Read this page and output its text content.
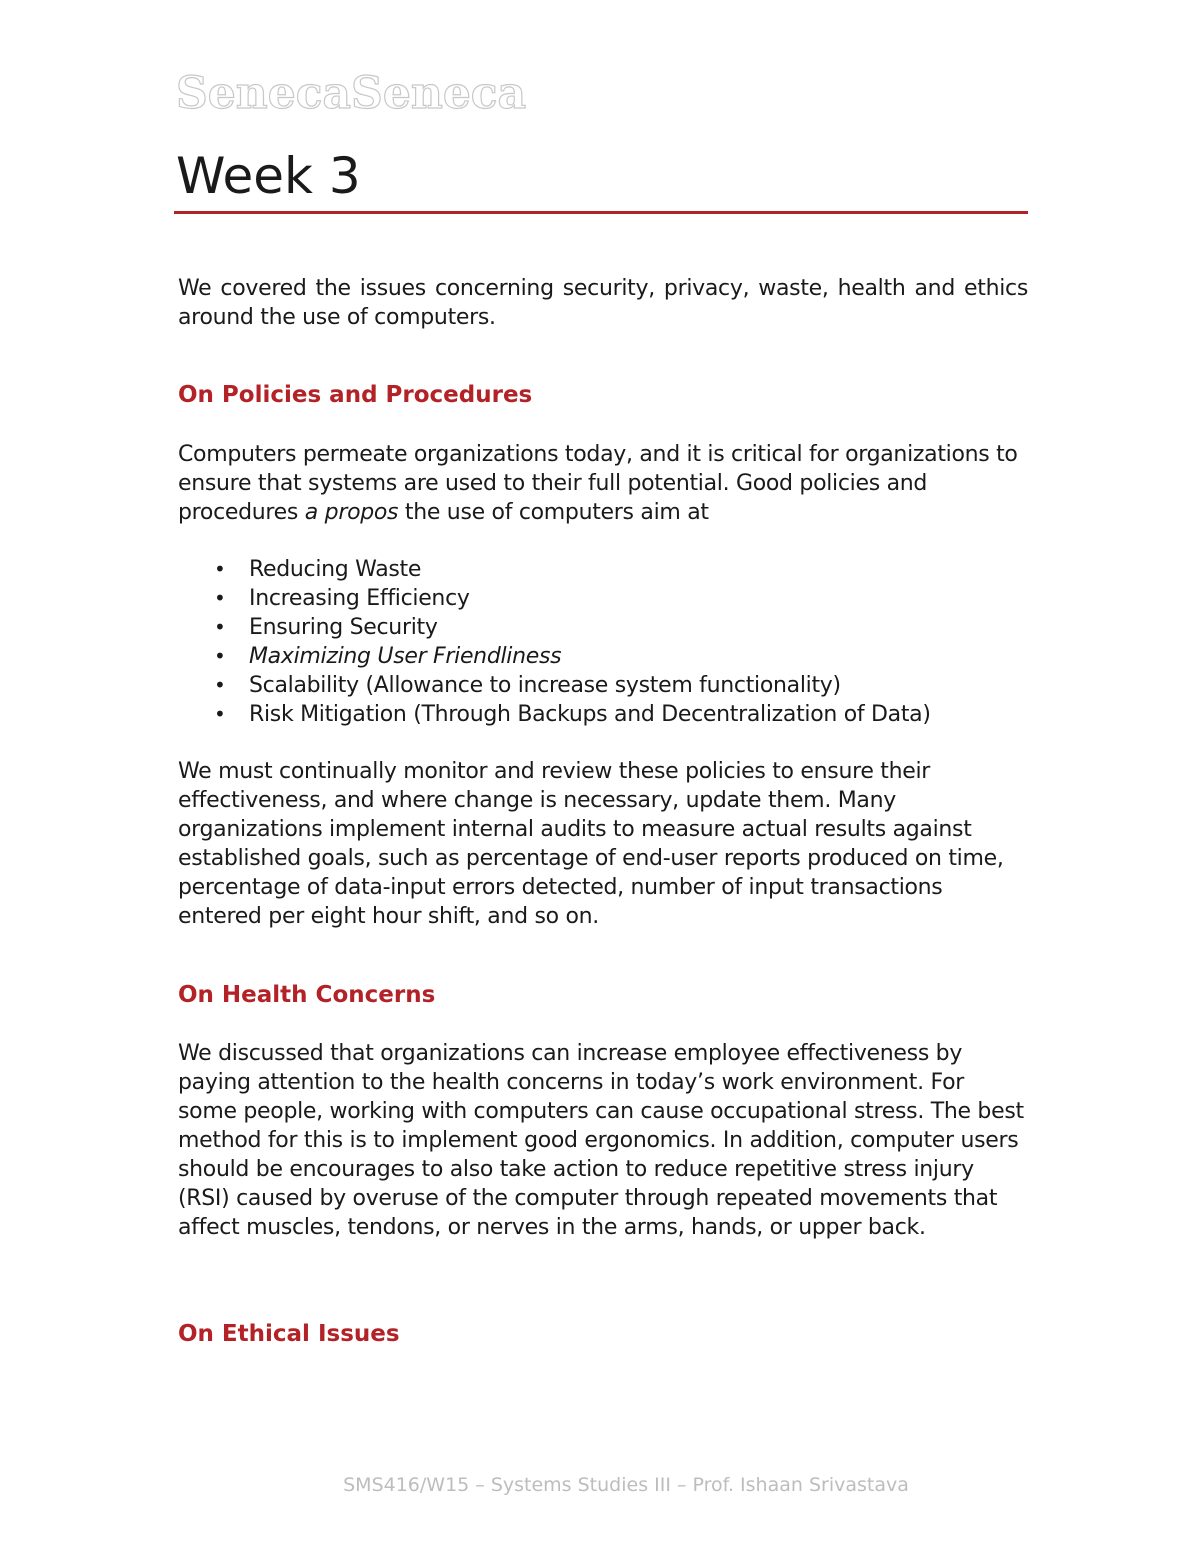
SenecaSeneca
Week 3

We covered the issues concerning security, privacy, waste, health and ethics around the use of computers.

On Policies and Procedures

Computers permeate organizations today, and it is critical for organizations to ensure that systems are used to their full potential. Good policies and procedures a propos the use of computers aim at

• Reducing Waste
• Increasing Efficiency
• Ensuring Security
• Maximizing User Friendliness
• Scalability (Allowance to increase system functionality)
• Risk Mitigation (Through Backups and Decentralization of Data)

We must continually monitor and review these policies to ensure their effectiveness, and where change is necessary, update them. Many organizations implement internal audits to measure actual results against established goals, such as percentage of end-user reports produced on time, percentage of data-input errors detected, number of input transactions entered per eight hour shift, and so on.

On Health Concerns

We discussed that organizations can increase employee effectiveness by paying attention to the health concerns in today’s work environment. For some people, working with computers can cause occupational stress. The best method for this is to implement good ergonomics. In addition, computer users should be encourages to also take action to reduce repetitive stress injury (RSI) caused by overuse of the computer through repeated movements that affect muscles, tendons, or nerves in the arms, hands, or upper back.

On Ethical Issues
SMS416/W15 – Systems Studies III – Prof. Ishaan Srivastava
